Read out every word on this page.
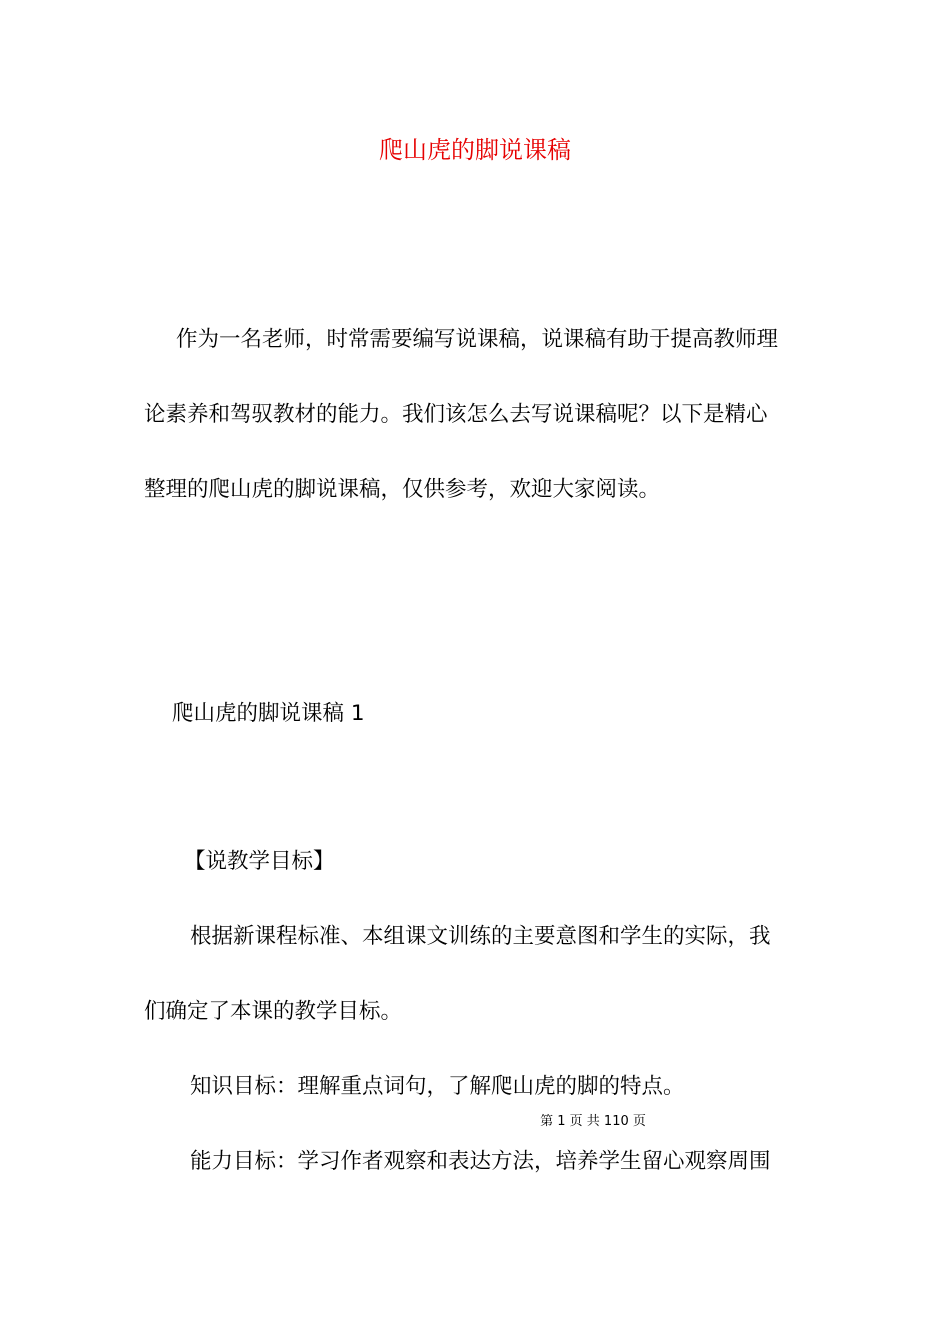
爬山虎的脚说课稿
作为一名老师，时常需要编写说课稿，说课稿有助于提高教师理
论素养和驾驭教材的能力。我们该怎么去写说课稿呢？以下是精心
整理的爬山虎的脚说课稿，仅供参考，欢迎大家阅读。
爬山虎的脚说课稿 1
【说教学目标】
根据新课程标准、本组课文训练的主要意图和学生的实际，我
们确定了本课的教学目标。
知识目标：理解重点词句，了解爬山虎的脚的特点。
第 1 页 共 110 页
能力目标：学习作者观察和表达方法，培养学生留心观察周围
